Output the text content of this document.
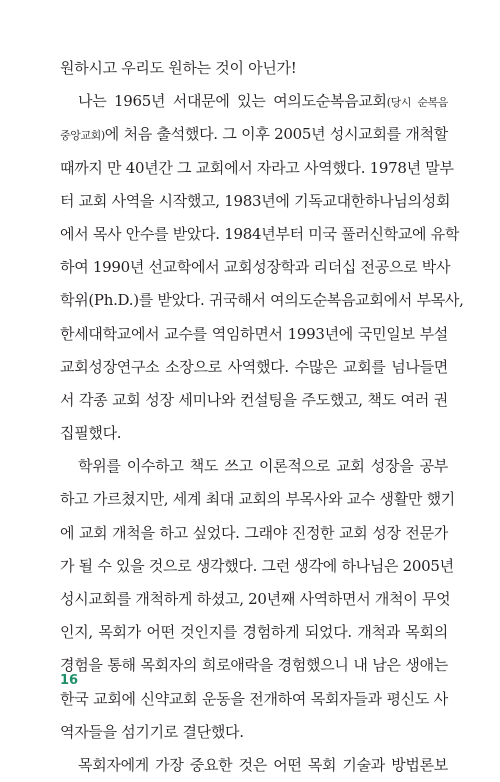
원하시고 우리도 원하는 것이 아닌가!
나는 1965년 서대문에 있는 여의도순복음교회(당시 순복음
중앙교회)에 처음 출석했다. 그 이후 2005년 성시교회를 개척할
때까지 만 40년간 그 교회에서 자라고 사역했다. 1978년 말부
터 교회 사역을 시작했고, 1983년에 기독교대한하나님의성회
에서 목사 안수를 받았다. 1984년부터 미국 풀러신학교에 유학
하여 1990년 선교학에서 교회성장학과 리더십 전공으로 박사
학위(Ph.D.)를 받았다. 귀국해서 여의도순복음교회에서 부목사,
한세대학교에서 교수를 역임하면서 1993년에 국민일보 부설
교회성장연구소 소장으로 사역했다. 수많은 교회를 넘나들면
서 각종 교회 성장 세미나와 컨설팅을 주도했고, 책도 여러 권
집필했다.
학위를 이수하고 책도 쓰고 이론적으로 교회 성장을 공부
하고 가르쳤지만, 세계 최대 교회의 부목사와 교수 생활만 했기
에 교회 개척을 하고 싶었다. 그래야 진정한 교회 성장 전문가
가 될 수 있을 것으로 생각했다. 그런 생각에 하나님은 2005년
성시교회를 개척하게 하셨고, 20년째 사역하면서 개척이 무엇
인지, 목회가 어떤 것인지를 경험하게 되었다. 개척과 목회의
경험을 통해 목회자의 희로애락을 경험했으니 내 남은 생애는
한국 교회에 신약교회 운동을 전개하여 목회자들과 평신도 사
역자들을 섬기기로 결단했다.
목회자에게 가장 중요한 것은 어떤 목회 기술과 방법론보
16
